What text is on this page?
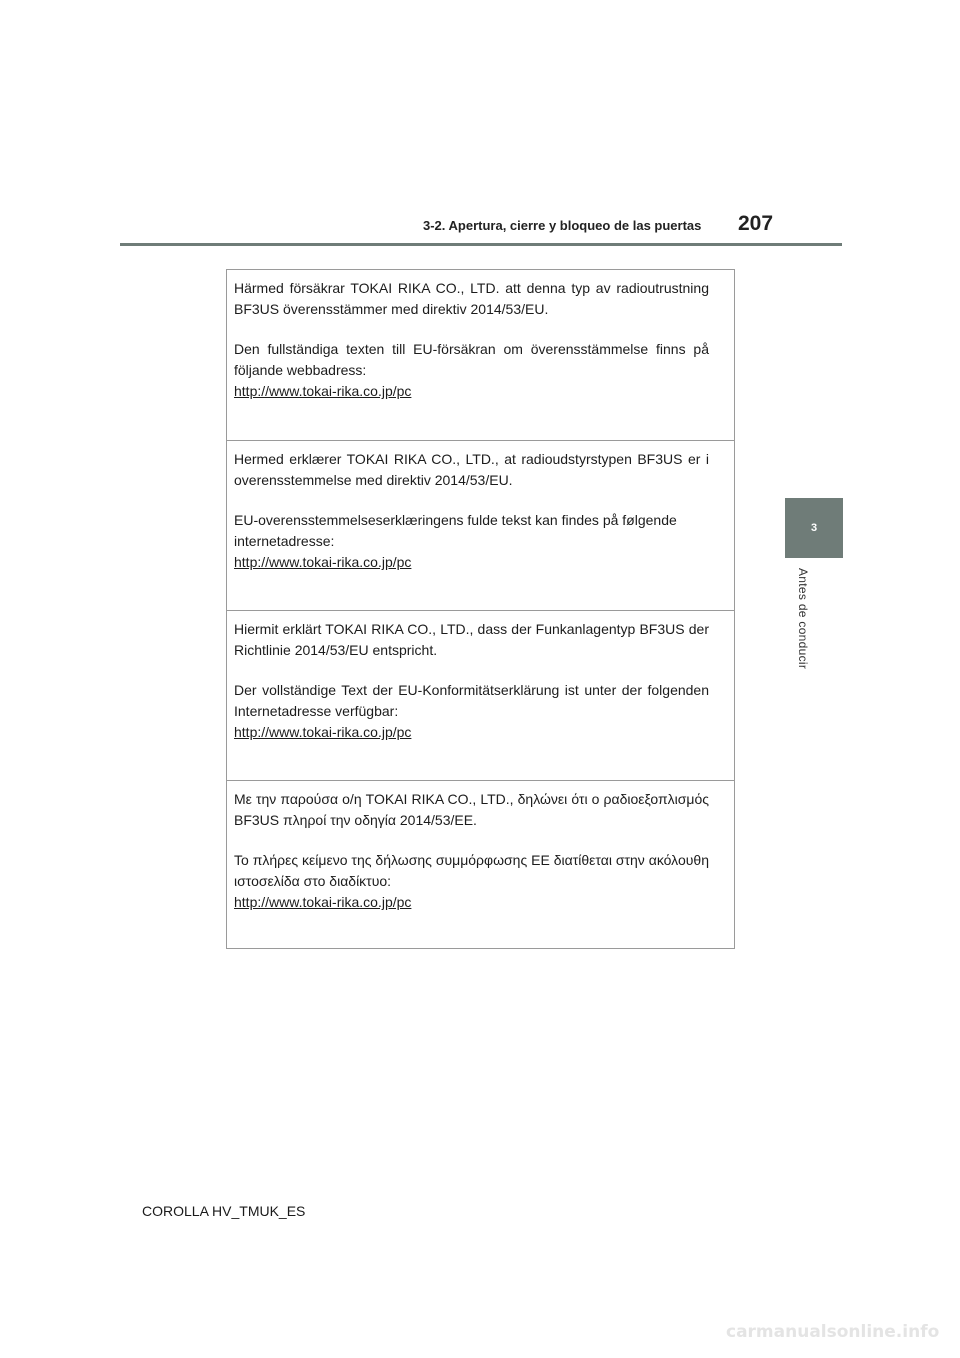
3-2. Apertura, cierre y bloqueo de las puertas 207
3
Antes de conducir

Härmed försäkrar TOKAI RIKA CO., LTD. att denna typ av radioutrustning BF3US överensstämmer med direktiv 2014/53/EU.

Den fullständiga texten till EU-försäkran om överensstämmelse finns på följande webbadress:

http://www.tokai-rika.co.jp/pc

Hermed erklærer TOKAI RIKA CO., LTD., at radioudstyrstypen BF3US er i overensstemmelse med direktiv 2014/53/EU.

EU-overensstemmelseserklæringens fulde tekst kan findes på følgende internetadresse:

http://www.tokai-rika.co.jp/pc

Hiermit erklärt TOKAI RIKA CO., LTD., dass der Funkanlagentyp BF3US der Richtlinie 2014/53/EU entspricht.

Der vollständige Text der EU-Konformitätserklärung ist unter der folgenden Internetadresse verfügbar:

http://www.tokai-rika.co.jp/pc

Με την παρούσα ο/η TOKAI RIKA CO., LTD., δηλώνει ότι ο ραδιοεξοπλισμός BF3US πληροί την οδηγία 2014/53/ΕΕ.

Το πλήρες κείμενο της δήλωσης συμμόρφωσης ΕΕ διατίθεται στην ακόλουθη ιστοσελίδα στο διαδίκτυο:

http://www.tokai-rika.co.jp/pc
COROLLA HV_TMUK_ES
carmanualsonline.info
